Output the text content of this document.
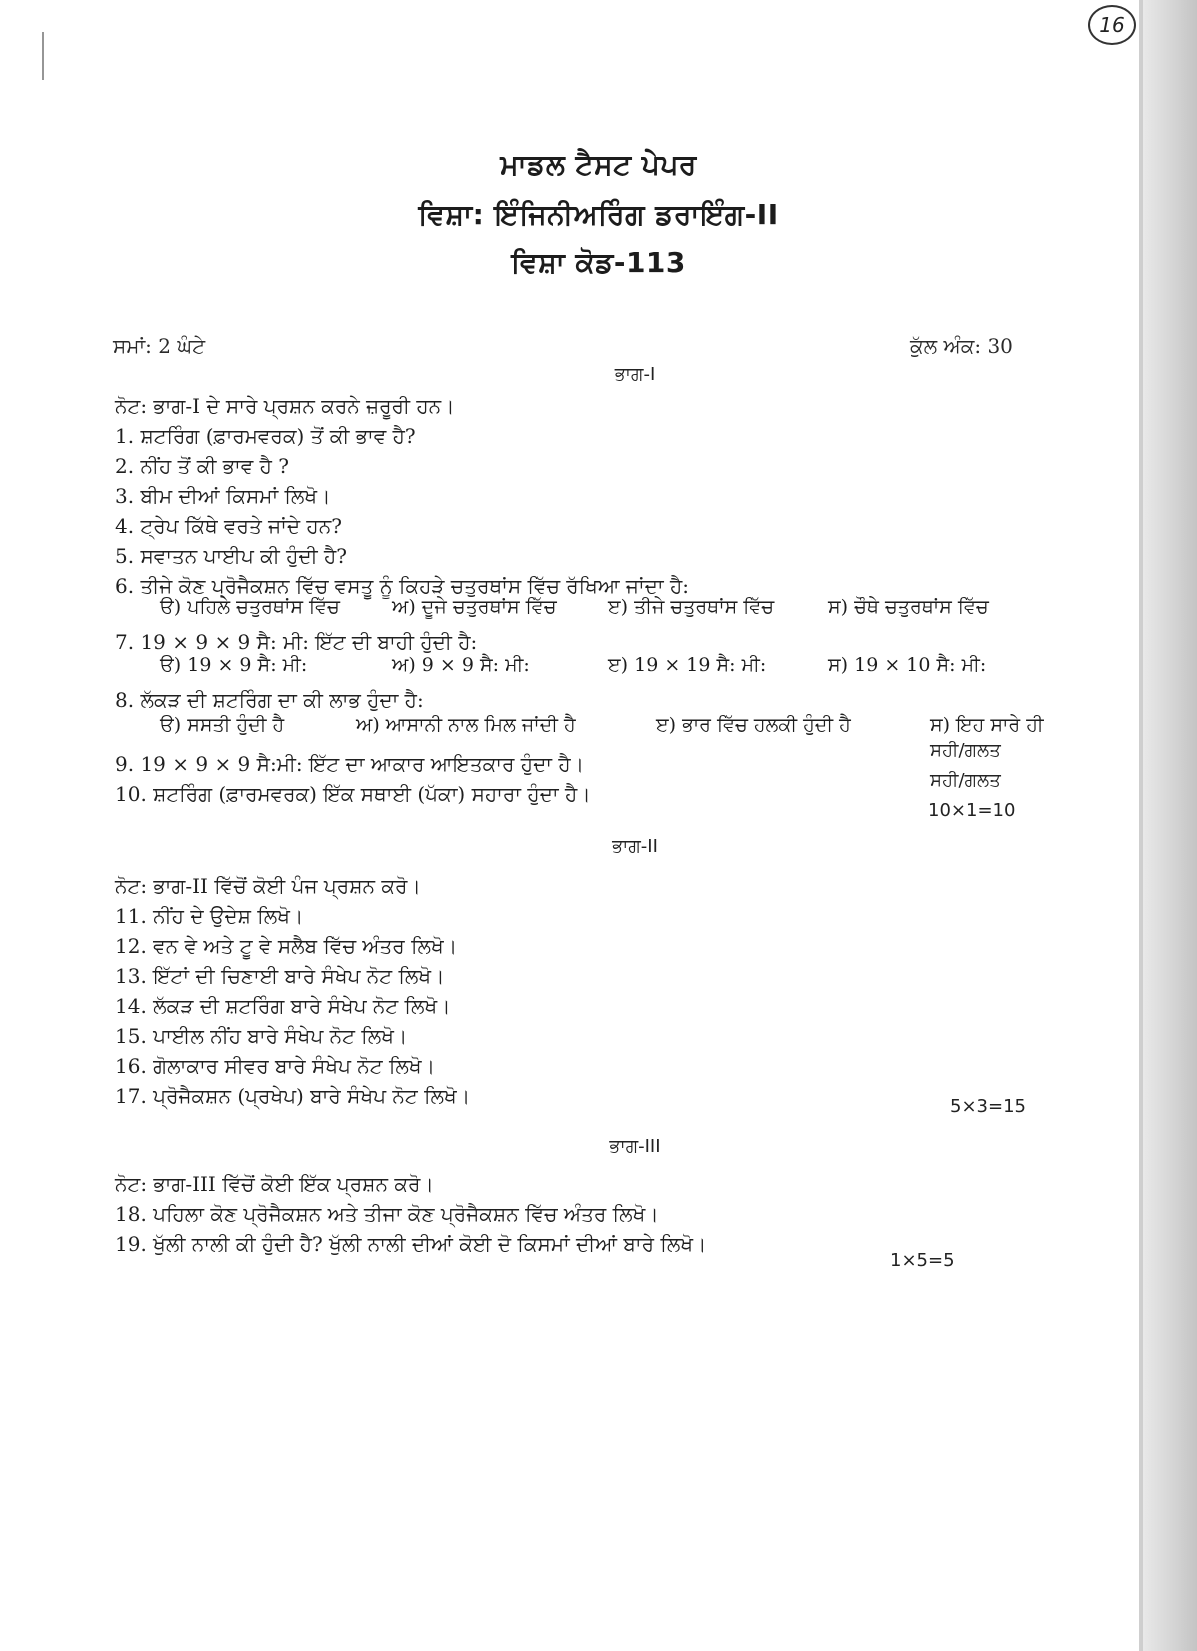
16
ਮਾਡਲ ਟੈਸਟ ਪੇਪਰ
ਵਿਸ਼ਾ: ਇੰਜਿਨੀਅਰਿੰਗ ਡਰਾਇੰਗ-II
ਵਿਸ਼ਾ ਕੋਡ-113
ਸਮਾਂ: 2 ਘੰਟੇ	ਕੁੱਲ ਅੰਕ: 30
ਭਾਗ-I
ਨੋਟ: ਭਾਗ-I ਦੇ ਸਾਰੇ ਪ੍ਰਸ਼ਨ ਕਰਨੇ ਜ਼ਰੂਰੀ ਹਨ।
1. ਸ਼ਟਰਿੰਗ (ਫ਼ਾਰਮਵਰਕ) ਤੋਂ ਕੀ ਭਾਵ ਹੈ?
2. ਨੀਂਹ ਤੋਂ ਕੀ ਭਾਵ ਹੈ ?
3. ਬੀਮ ਦੀਆਂ ਕਿਸਮਾਂ ਲਿਖੋ।
4. ਟ੍ਰੇਪ ਕਿੱਥੇ ਵਰਤੇ ਜਾਂਦੇ ਹਨ?
5. ਸਵਾਤਨ ਪਾਈਪ ਕੀ ਹੁੰਦੀ ਹੈ?
6. ਤੀਜੇ ਕੋਣ ਪ੍ਰੋਜੈਕਸ਼ਨ ਵਿੱਚ ਵਸਤੂ ਨੂੰ ਕਿਹੜੇ ਚਤੁਰਥਾਂਸ ਵਿੱਚ ਰੱਖਿਆ ਜਾਂਦਾ ਹੈ:
ੳ) ਪਹਿਲੇ ਚਤੁਰਥਾਂਸ ਵਿੱਚ	ਅ) ਦੂਜੇ ਚਤੁਰਥਾਂਸ ਵਿੱਚ	ੲ) ਤੀਜੇ ਚਤੁਰਥਾਂਸ ਵਿੱਚ	ਸ) ਚੌਥੇ ਚਤੁਰਥਾਂਸ ਵਿੱਚ
7. 19 × 9 × 9 ਸੈ: ਮੀ: ਇੱਟ ਦੀ ਬਾਹੀ ਹੁੰਦੀ ਹੈ:
ੳ) 19 × 9 ਸੈ: ਮੀ:	ਅ) 9 × 9 ਸੈ: ਮੀ:	ੲ) 19 × 19 ਸੈ: ਮੀ:	ਸ) 19 × 10 ਸੈ: ਮੀ:
8. ਲੱਕੜ ਦੀ ਸ਼ਟਰਿੰਗ ਦਾ ਕੀ ਲਾਭ ਹੁੰਦਾ ਹੈ:
ੳ) ਸਸਤੀ ਹੁੰਦੀ ਹੈ	ਅ) ਆਸਾਨੀ ਨਾਲ ਮਿਲ ਜਾਂਦੀ ਹੈ	ੲ) ਭਾਰ ਵਿੱਚ ਹਲਕੀ ਹੁੰਦੀ ਹੈ	ਸ) ਇਹ ਸਾਰੇ ਹੀ
ਸਹੀ/ਗਲਤ
9. 19 × 9 × 9 ਸੈ:ਮੀ: ਇੱਟ ਦਾ ਆਕਾਰ ਆਇਤਕਾਰ ਹੁੰਦਾ ਹੈ।
ਸਹੀ/ਗਲਤ
10. ਸ਼ਟਰਿੰਗ (ਫ਼ਾਰਮਵਰਕ) ਇੱਕ ਸਥਾਈ (ਪੱਕਾ) ਸਹਾਰਾ ਹੁੰਦਾ ਹੈ।
10×1=10
ਭਾਗ-II
ਨੋਟ: ਭਾਗ-II ਵਿੱਚੋਂ ਕੋਈ ਪੰਜ ਪ੍ਰਸ਼ਨ ਕਰੋ।
11. ਨੀਂਹ ਦੇ ਉਦੇਸ਼ ਲਿਖੋ।
12. ਵਨ ਵੇ ਅਤੇ ਟੂ ਵੇ ਸਲੈਬ ਵਿੱਚ ਅੰਤਰ ਲਿਖੋ।
13. ਇੱਟਾਂ ਦੀ ਚਿਣਾਈ ਬਾਰੇ ਸੰਖੇਪ ਨੋਟ ਲਿਖੋ।
14. ਲੱਕੜ ਦੀ ਸ਼ਟਰਿੰਗ ਬਾਰੇ ਸੰਖੇਪ ਨੋਟ ਲਿਖੋ।
15. ਪਾਈਲ ਨੀਂਹ ਬਾਰੇ ਸੰਖੇਪ ਨੋਟ ਲਿਖੋ।
16. ਗੋਲਾਕਾਰ ਸੀਵਰ ਬਾਰੇ ਸੰਖੇਪ ਨੋਟ ਲਿਖੋ।
17. ਪ੍ਰੋਜੈਕਸ਼ਨ (ਪ੍ਰਖੇਪ) ਬਾਰੇ ਸੰਖੇਪ ਨੋਟ ਲਿਖੋ।	5×3=15
ਭਾਗ-III
ਨੋਟ: ਭਾਗ-III ਵਿੱਚੋਂ ਕੋਈ ਇੱਕ ਪ੍ਰਸ਼ਨ ਕਰੋ।
18. ਪਹਿਲਾ ਕੋਣ ਪ੍ਰੋਜੈਕਸ਼ਨ ਅਤੇ ਤੀਜਾ ਕੋਣ ਪ੍ਰੋਜੈਕਸ਼ਨ ਵਿੱਚ ਅੰਤਰ ਲਿਖੋ।
19. ਖੁੱਲੀ ਨਾਲੀ ਕੀ ਹੁੰਦੀ ਹੈ? ਖੁੱਲੀ ਨਾਲੀ ਦੀਆਂ ਕੋਈ ਦੋ ਕਿਸਮਾਂ ਦੀਆਂ ਬਾਰੇ ਲਿਖੋ।
1×5=5
